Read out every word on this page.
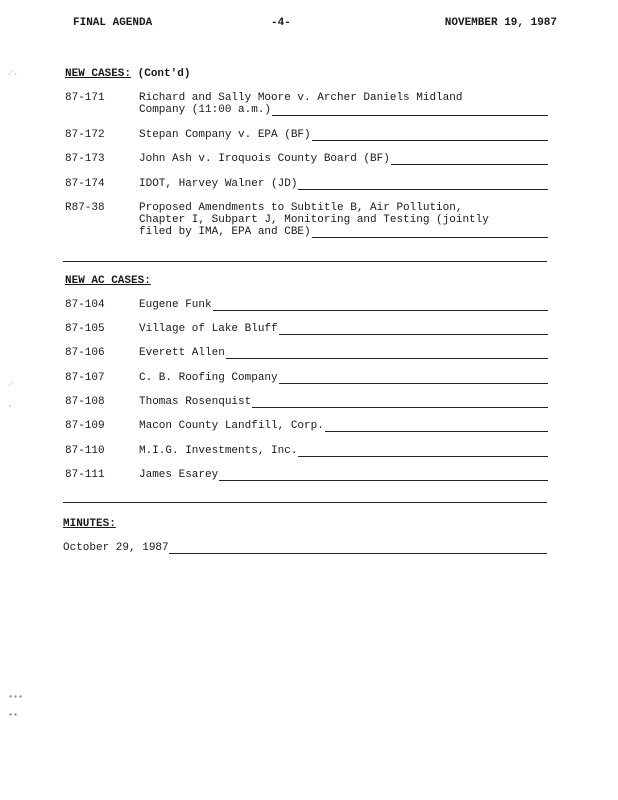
FINAL AGENDA	-4-	NOVEMBER 19, 1987
·˙·
·′
˛
∙∙∙
∙∙
NEW CASES: (Cont'd)
87-171	Richard and Sally Moore v. Archer Daniels Midland
Company (11:00 a.m.)
87-172	Stepan Company v. EPA (BF)
87-173	John Ash v. Iroquois County Board (BF)
87-174	IDOT, Harvey Walner (JD)
R87-38	Proposed Amendments to Subtitle B, Air Pollution,
Chapter I, Subpart J, Monitoring and Testing (jointly
filed by IMA, EPA and CBE)
NEW AC CASES:
87-104	Eugene Funk
87-105	Village of Lake Bluff
87-106	Everett Allen
87-107	C. B. Roofing Company
87-108	Thomas Rosenquist
87-109	Macon County Landfill, Corp.
87-110	M.I.G. Investments, Inc.
87-111	James Esarey
MINUTES:
October 29, 1987
